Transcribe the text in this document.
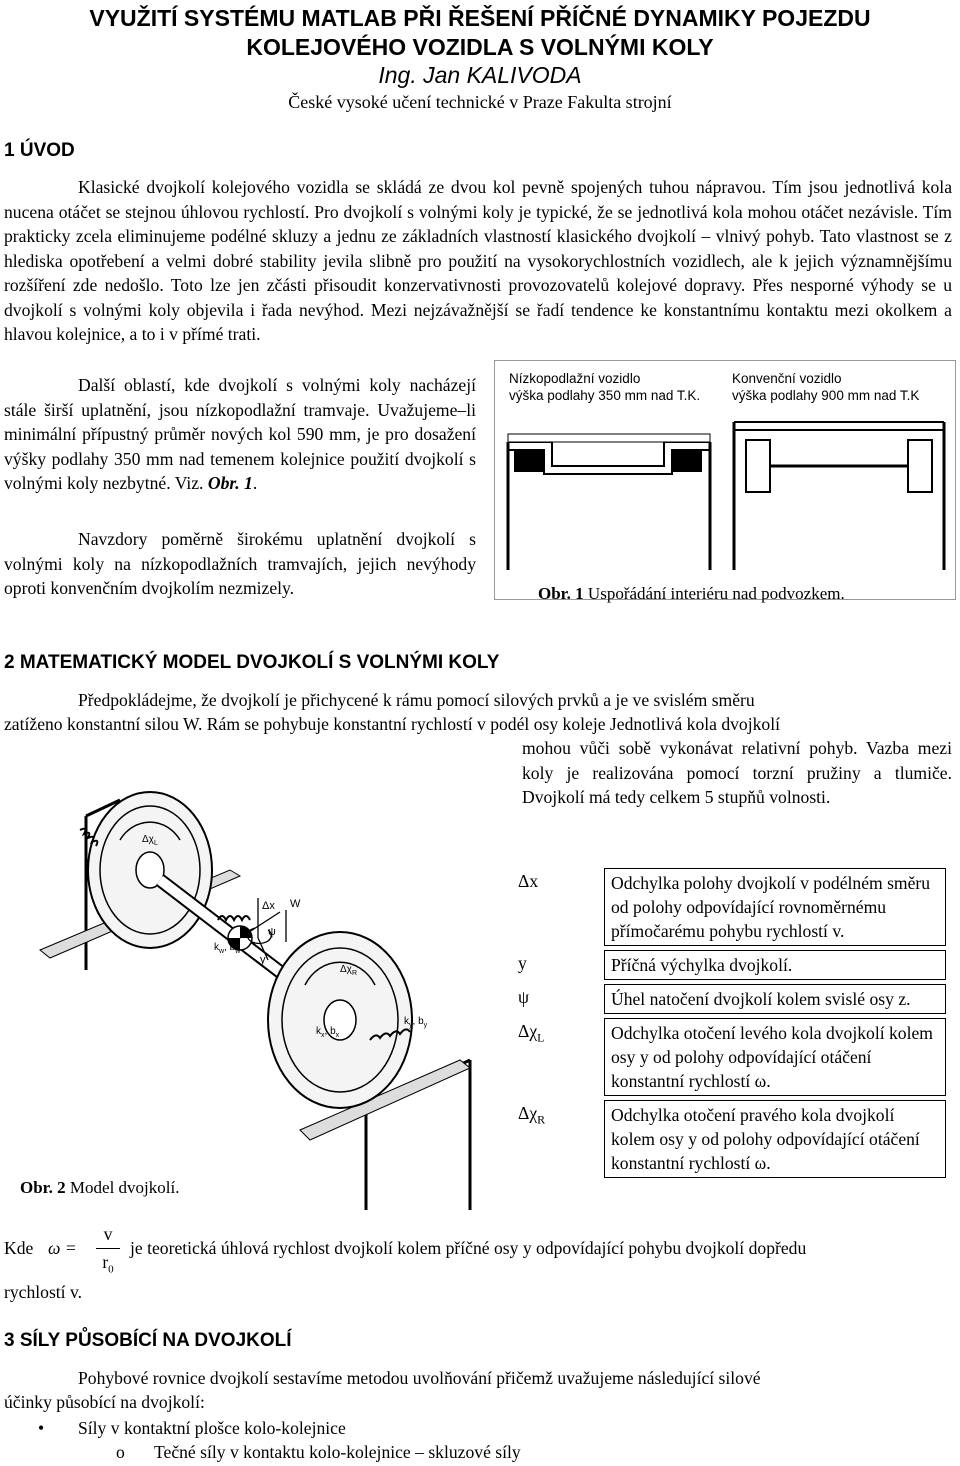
VYUŽITÍ SYSTÉMU MATLAB PŘI ŘEŠENÍ PŘÍČNÉ DYNAMIKY POJEZDU
KOLEJOVÉHO VOZIDLA S VOLNÝMI KOLY
Ing. Jan KALIVODA
České vysoké učení technické v Praze Fakulta strojní
1 ÚVOD

Klasické dvojkolí kolejového vozidla se skládá ze dvou kol pevně spojených tuhou nápravou. Tím jsou jednotlivá kola nucena otáčet se stejnou úhlovou rychlostí. Pro dvojkolí s volnými koly je typické, že se jednotlivá kola mohou otáčet nezávisle. Tím prakticky zcela eliminujeme podélné skluzy a jednu ze základních vlastností klasického dvojkolí – vlnivý pohyb. Tato vlastnost se z hlediska opotřebení a velmi dobré stability jevila slibně pro použití na vysokorychlostních vozidlech, ale k jejich významnějšímu rozšíření zde nedošlo. Toto lze jen zčásti přisoudit konzervativnosti provozovatelů kolejové dopravy. Přes nesporné výhody se u dvojkolí s volnými koly objevila i řada nevýhod. Mezi nejzávažnější se řadí tendence ke konstantnímu kontaktu mezi okolkem a hlavou kolejnice, a to i v přímé trati.

Další oblastí, kde dvojkolí s volnými koly nacházejí stále širší uplatnění, jsou nízkopodlažní tramvaje. Uvažujeme–li minimální přípustný průměr nových kol 590 mm, je pro dosažení výšky podlahy 350 mm nad temenem kolejnice použití dvojkolí s volnými koly nezbytné. Viz. Obr. 1.

Navzdory poměrně širokému uplatnění dvojkolí s volnými koly na nízkopodlažních tramvajích, jejich nevýhody oproti konvenčním dvojkolím nezmizely.

Nízkopodlažní vozidlo
výška podlahy 350 mm nad T.K.
Konvenční vozidlo
výška podlahy 900 mm nad T.K
Obr. 1 Uspořádání interiéru nad podvozkem.
2 MATEMATICKÝ MODEL DVOJKOLÍ S VOLNÝMI KOLY
Předpokládejme, že dvojkolí je přichycené k rámu pomocí silových prvků a je ve svislém směru
zatíženo konstantní silou W. Rám se pohybuje konstantní rychlostí v podél osy koleje Jednotlivá kola dvojkolí
mohou vůči sobě vykonávat relativní pohyb. Vazba mezi koly je realizována pomocí torzní pružiny a tlumiče. Dvojkolí má tedy celkem 5 stupňů volnosti.
$\Delta\chi_L$
Δx W
ψ
y
$k_w$, $b_w$
$\Delta\chi_R$
$k_x$, $b_x$
$k_y$, $b_y$
Obr. 2 Model dvojkolí.
Δx	Odchylka polohy dvojkolí v podélném směru od polohy odpovídající rovnoměrnému přímočarému pohybu rychlostí v.

y	Příčná výchylka dvojkolí.

ψ	Úhel natočení dvojkolí kolem svislé osy z.

$\Delta\chi_L$	Odchylka otočení levého kola dvojkolí kolem osy y od polohy odpovídající otáčení konstantní rychlostí ω.

$\Delta\chi_R$	Odchylka otočení pravého kola dvojkolí kolem osy y od polohy odpovídající otáčení konstantní rychlostí ω.
Kde ω =
v
$r_0$
je teoretická úhlová rychlost dvojkolí kolem příčné osy y odpovídající pohybu dvojkolí dopředu
rychlostí v.
3 SÍLY PŮSOBÍCÍ NA DVOJKOLÍ
Pohybové rovnice dvojkolí sestavíme metodou uvolňování přičemž uvažujeme následující silové
účinky působící na dvojkolí:
• Síly v kontaktní plošce kolo-kolejnice
o Tečné síly v kontaktu kolo-kolejnice – skluzové síly
